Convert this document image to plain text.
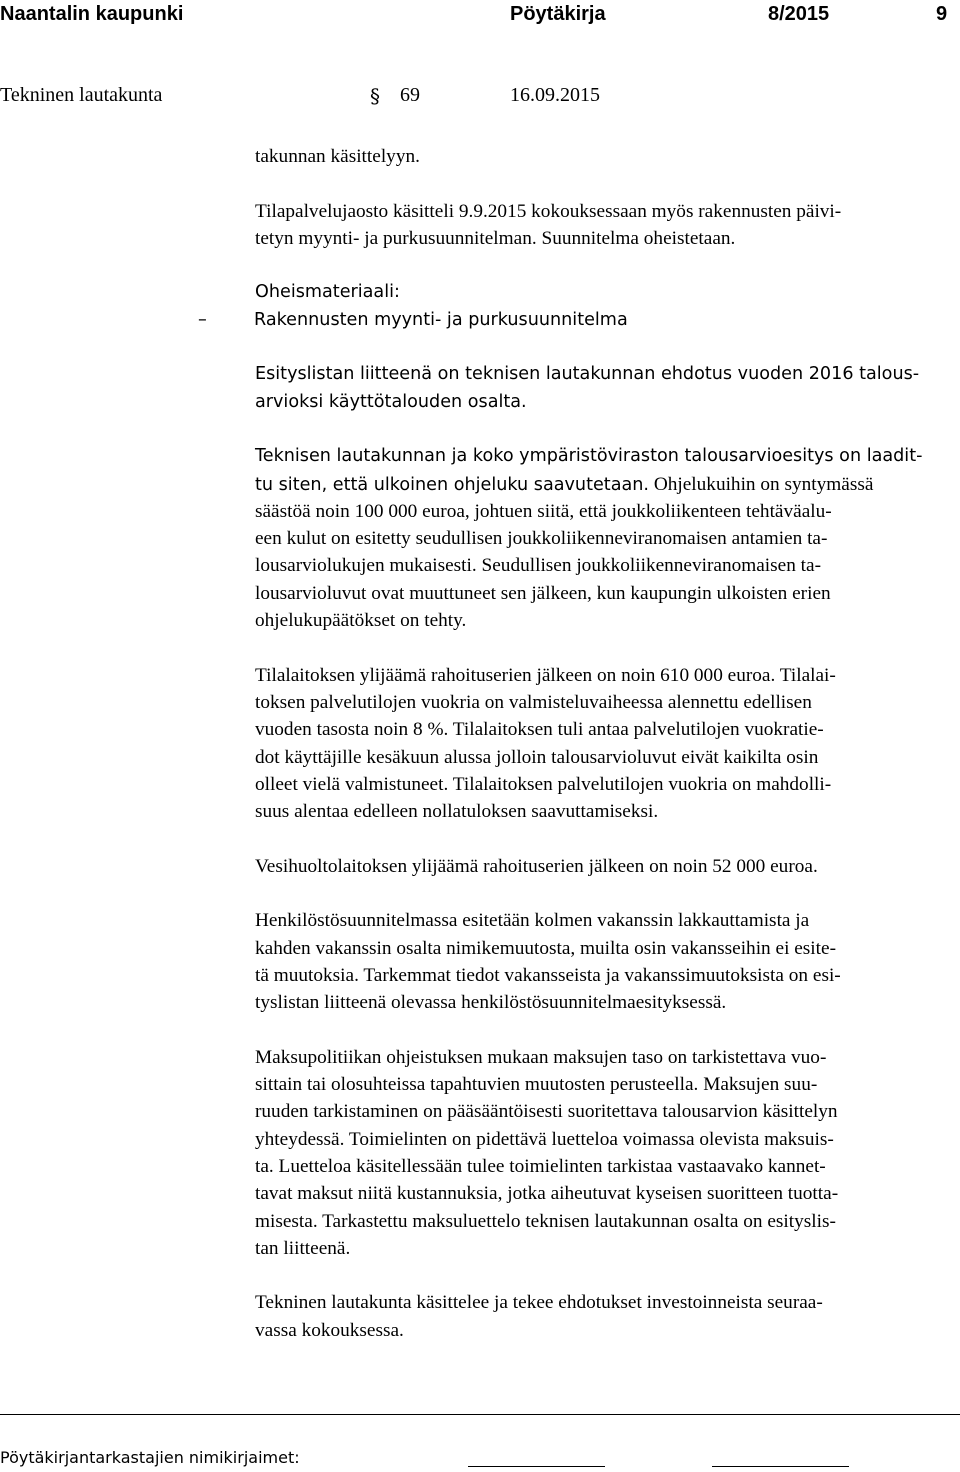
Naantalin kaupunki	Pöytäkirja	8/2015	9
Tekninen lautakunta	§ 69	16.09.2015

takunnan käsittelyyn.

Tilapalvelujaosto käsitteli 9.9.2015 kokouksessaan myös rakennusten päivi-
tetyn myynti- ja purkusuunnitelman. Suunnitelma oheistetaan.

Oheismateriaali:
–	Rakennusten myynti- ja purkusuunnitelma

Esityslistan liitteenä on teknisen lautakunnan ehdotus vuoden 2016 talous-
arvioksi käyttötalouden osalta.

Teknisen lautakunnan ja koko ympäristöviraston talousarvioesitys on laadit-
tu siten, että ulkoinen ohjeluku saavutetaan. Ohjelukuihin on syntymässä
säästöä noin 100 000 euroa, johtuen siitä, että joukkoliikenteen tehtäväalu-
een kulut on esitetty seudullisen joukkoliikenneviranomaisen antamien ta-
lousarviolukujen mukaisesti. Seudullisen joukkoliikenneviranomaisen ta-
lousarvioluvut ovat muuttuneet sen jälkeen, kun kaupungin ulkoisten erien
ohjelukupäätökset on tehty.

Tilalaitoksen ylijäämä rahoituserien jälkeen on noin 610 000 euroa. Tilalai-
toksen palvelutilojen vuokria on valmisteluvaiheessa alennettu edellisen
vuoden tasosta noin 8 %. Tilalaitoksen tuli antaa palvelutilojen vuokratie-
dot käyttäjille kesäkuun alussa jolloin talousarvioluvut eivät kaikilta osin
olleet vielä valmistuneet. Tilalaitoksen palvelutilojen vuokria on mahdolli-
suus alentaa edelleen nollatuloksen saavuttamiseksi.

Vesihuoltolaitoksen ylijäämä rahoituserien jälkeen on noin 52 000 euroa.

Henkilöstösuunnitelmassa esitetään kolmen vakanssin lakkauttamista ja
kahden vakanssin osalta nimikemuutosta, muilta osin vakansseihin ei esite-
tä muutoksia. Tarkemmat tiedot vakansseista ja vakanssimuutoksista on esi-
tyslistan liitteenä olevassa henkilöstösuunnitelmaesityksessä.

Maksupolitiikan ohjeistuksen mukaan maksujen taso on tarkistettava vuo-
sittain tai olosuhteissa tapahtuvien muutosten perusteella. Maksujen suu-
ruuden tarkistaminen on pääsääntöisesti suoritettava talousarvion käsittelyn
yhteydessä. Toimielinten on pidettävä luetteloa voimassa olevista maksuis-
ta. Luetteloa käsitellessään tulee toimielinten tarkistaa vastaavako kannet-
tavat maksut niitä kustannuksia, jotka aiheutuvat kyseisen suoritteen tuotta-
misesta. Tarkastettu maksuluettelo teknisen lautakunnan osalta on esityslis-
tan liitteenä.

Tekninen lautakunta käsittelee ja tekee ehdotukset investoinneista seuraa-
vassa kokouksessa.

Pöytäkirjantarkastajien nimikirjaimet:
